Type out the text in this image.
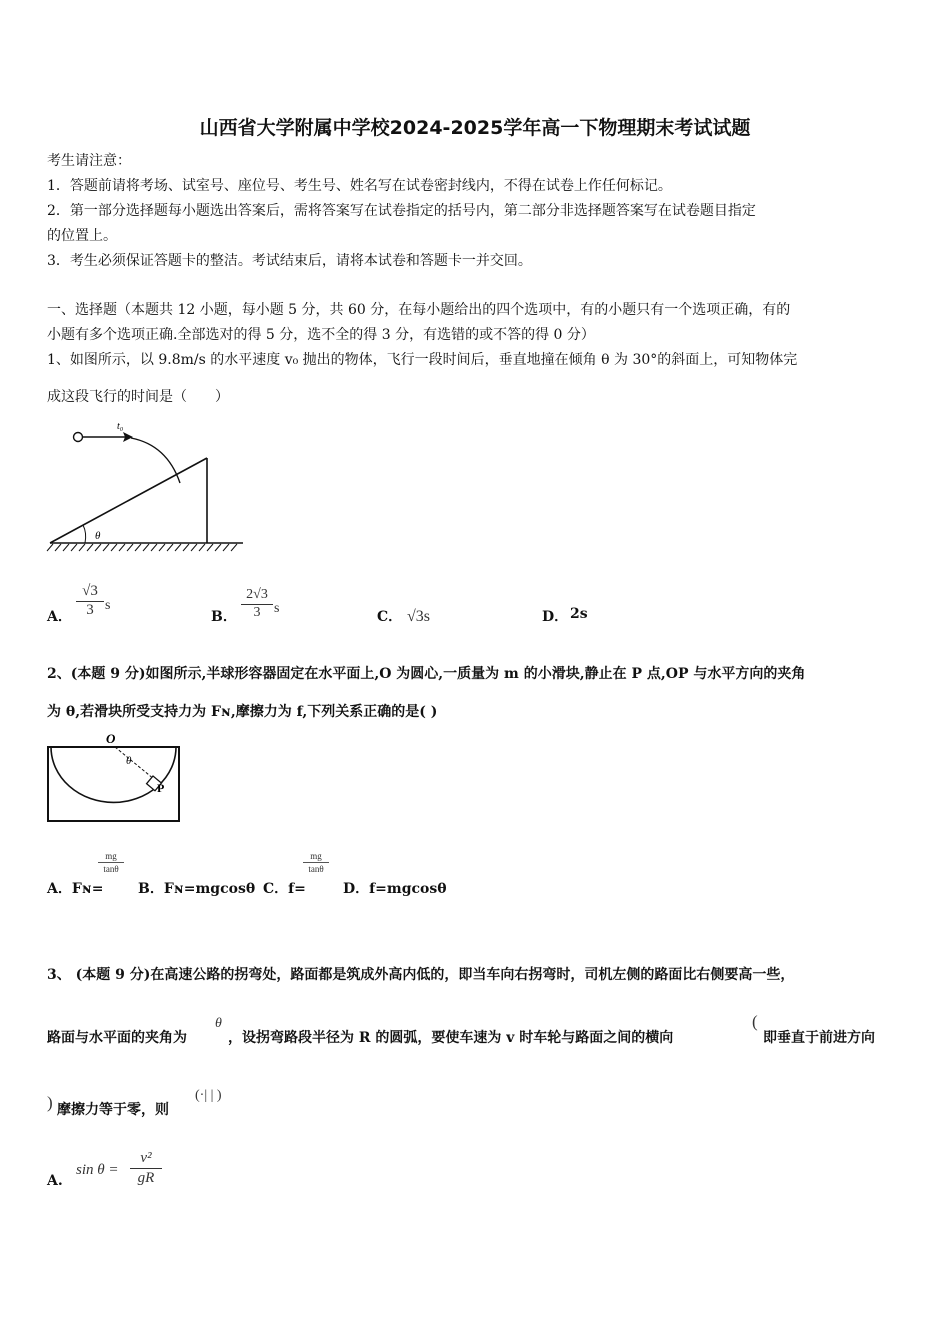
山西省大学附属中学校2024-2025学年高一下物理期末考试试题
考生请注意：
1．答题前请将考场、试室号、座位号、考生号、姓名写在试卷密封线内，不得在试卷上作任何标记。
2．第一部分选择题每小题选出答案后，需将答案写在试卷指定的括号内，第二部分非选择题答案写在试卷题目指定
的位置上。
3．考生必须保证答题卡的整洁。考试结束后，请将本试卷和答题卡一并交回。
一、选择题（本题共 12 小题，每小题 5 分，共 60 分，在每小题给出的四个选项中，有的小题只有一个选项正确，有的
小题有多个选项正确.全部选对的得 5 分，选不全的得 3 分，有选错的或不答的得 0 分）
1、如图所示，以 9.8m/s 的水平速度 v₀ 抛出的物体，飞行一段时间后，垂直地撞在倾角 θ 为 30°的斜面上，可知物体完
成这段飞行的时间是（　　）
t₀
θ
A．
√3
3 s
B．
2√3
3 s
C． √3s	D． 2s
2、(本题 9 分)如图所示,半球形容器固定在水平面上,O 为圆心,一质量为 m 的小滑块,静止在 P 点,OP 与水平方向的夹角
为 θ,若滑块所受支持力为 Fɴ,摩擦力为 f,下列关系正确的是( )
O
θ
P
A．Fɴ=
mg
tanθ
B．Fɴ=mgcosθ C．f=
mg
tanθ
D．f=mgcosθ
3、 (本题 9 分)在高速公路的拐弯处，路面都是筑成外高内低的，即当车向右拐弯时，司机左侧的路面比右侧要高一些，
路面与水平面的夹角为
θ
，设拐弯路段半径为 R 的圆弧，要使车速为 v 时车轮与路面之间的横向
(
即垂直于前进方向
) 摩擦力等于零，则
(·| | )
A.
sin θ =
v²
gR
